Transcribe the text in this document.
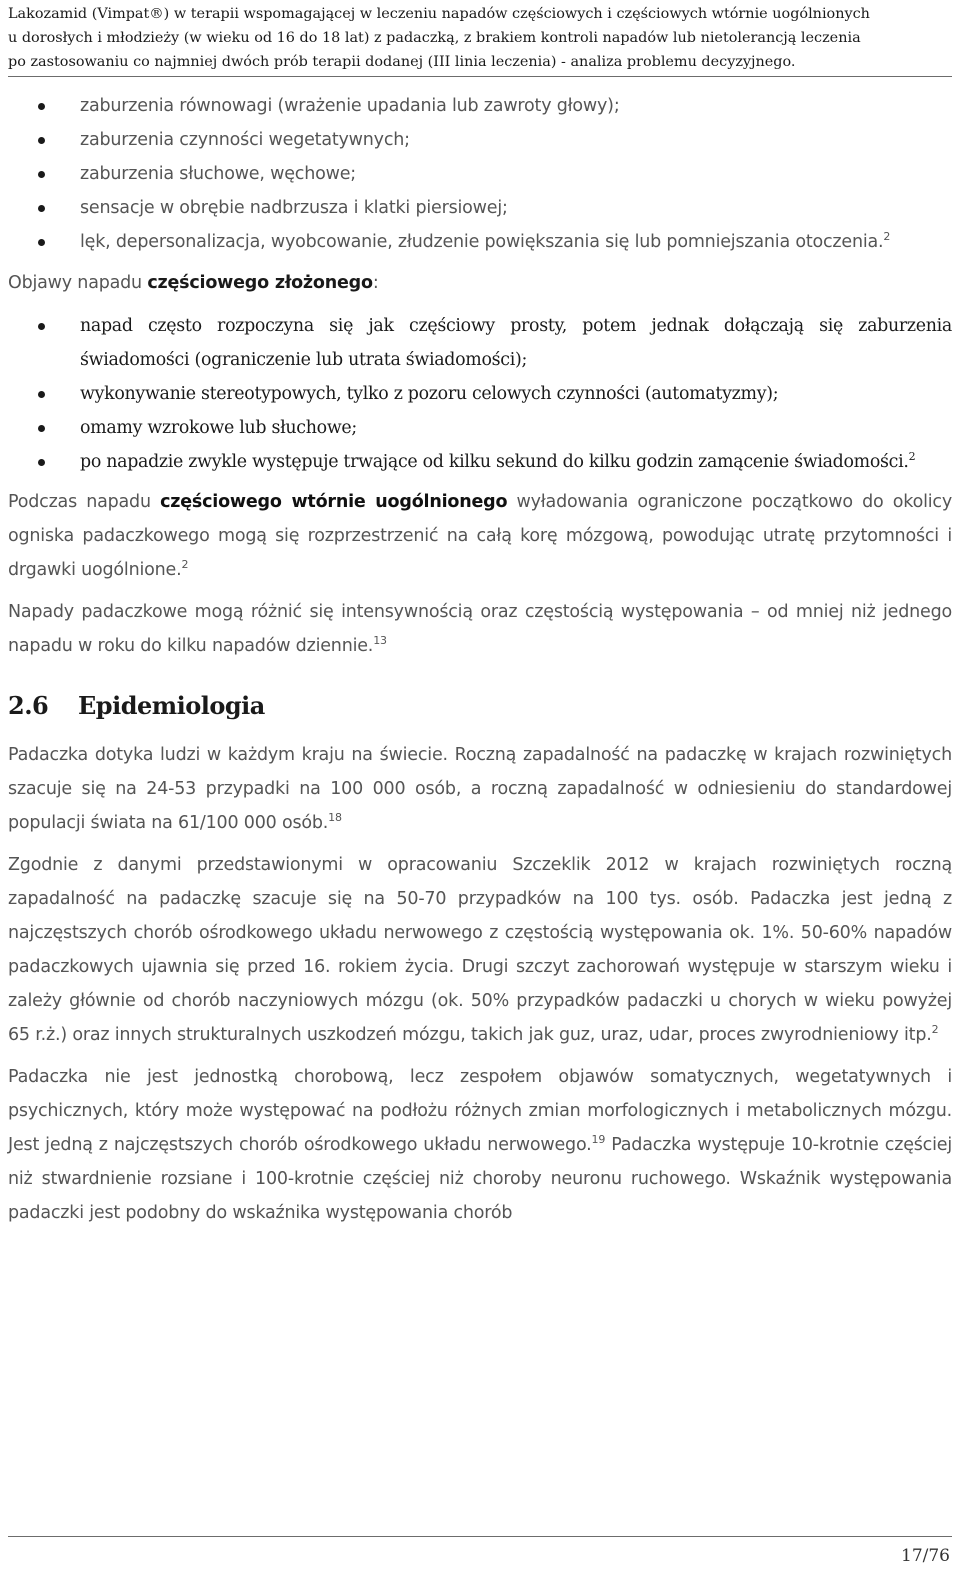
Lakozamid (Vimpat®) w terapii wspomagającej w leczeniu napadów częściowych i częściowych wtórnie uogólnionych
u dorosłych i młodzieży (w wieku od 16 do 18 lat) z padaczką, z brakiem kontroli napadów lub nietolerancją leczenia
po zastosowaniu co najmniej dwóch prób terapii dodanej (III linia leczenia) - analiza problemu decyzyjnego.
zaburzenia równowagi (wrażenie upadania lub zawroty głowy);
zaburzenia czynności wegetatywnych;
zaburzenia słuchowe, węchowe;
sensacje w obrębie nadbrzusza i klatki piersiowej;
lęk, depersonalizacja, wyobcowanie, złudzenie powiększania się lub pomniejszania otoczenia.$^2$

Objawy napadu częściowego złożonego:

napad często rozpoczyna się jak częściowy prosty, potem jednak dołączają się zaburzenia świadomości (ograniczenie lub utrata świadomości);
wykonywanie stereotypowych, tylko z pozoru celowych czynności (automatyzmy);
omamy wzrokowe lub słuchowe;
po napadzie zwykle występuje trwające od kilku sekund do kilku godzin zamącenie świadomości.$^2$

Podczas napadu częściowego wtórnie uogólnionego wyładowania ograniczone początkowo do okolicy ogniska padaczkowego mogą się rozprzestrzenić na całą korę mózgową, powodując utratę przytomności i drgawki uogólnione.$^2$

Napady padaczkowe mogą różnić się intensywnością oraz częstością występowania – od mniej niż jednego napadu w roku do kilku napadów dziennie.$^{13}$

2.6 Epidemiologia

Padaczka dotyka ludzi w każdym kraju na świecie. Roczną zapadalność na padaczkę w krajach rozwiniętych szacuje się na 24-53 przypadki na 100 000 osób, a roczną zapadalność w odniesieniu do standardowej populacji świata na 61/100 000 osób.$^{18}$

Zgodnie z danymi przedstawionymi w opracowaniu Szczeklik 2012 w krajach rozwiniętych roczną zapadalność na padaczkę szacuje się na 50-70 przypadków na 100 tys. osób. Padaczka jest jedną z najczęstszych chorób ośrodkowego układu nerwowego z częstością występowania ok. 1%. 50-60% napadów padaczkowych ujawnia się przed 16. rokiem życia. Drugi szczyt zachorowań występuje w starszym wieku i zależy głównie od chorób naczyniowych mózgu (ok. 50% przypadków padaczki u chorych w wieku powyżej 65 r.ż.) oraz innych strukturalnych uszkodzeń mózgu, takich jak guz, uraz, udar, proces zwyrodnieniowy itp.$^2$

Padaczka nie jest jednostką chorobową, lecz zespołem objawów somatycznych, wegetatywnych i psychicznych, który może występować na podłożu różnych zmian morfologicznych i metabolicznych mózgu. Jest jedną z najczęstszych chorób ośrodkowego układu nerwowego.$^{19}$ Padaczka występuje 10-krotnie częściej niż stwardnienie rozsiane i 100-krotnie częściej niż choroby neuronu ruchowego. Wskaźnik występowania padaczki jest podobny do wskaźnika występowania chorób

17/76
